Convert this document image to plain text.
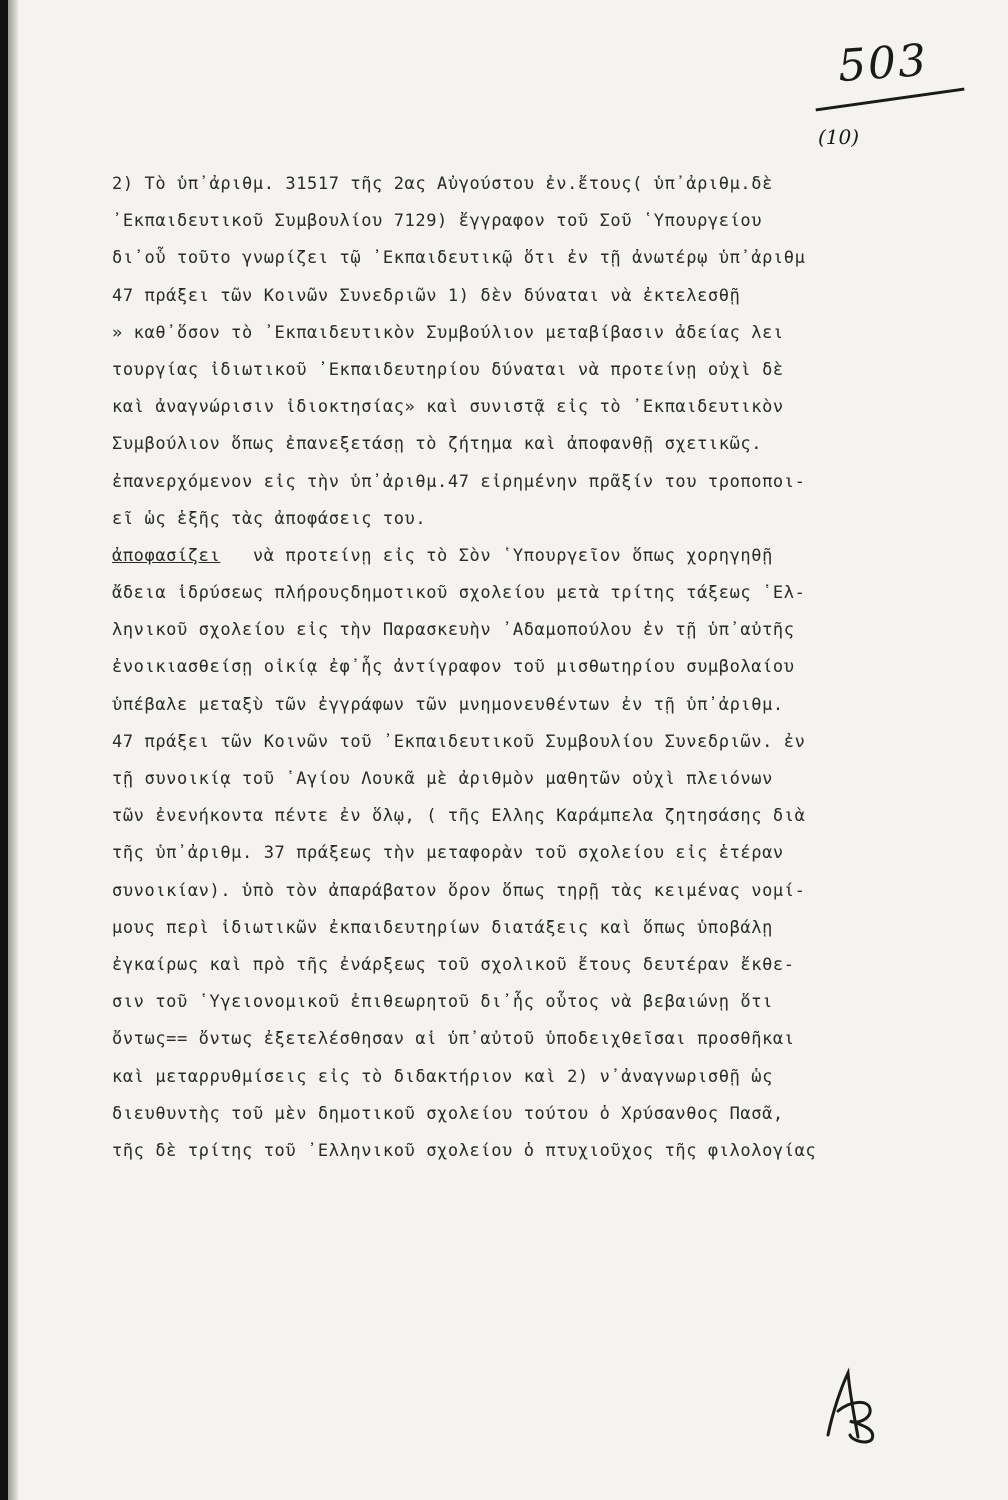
503
(10)
2) Τὸ ὑπ᾿ἀριθμ. 31517 τῆς 2ας Αὐγούστου ἐν.ἔτους( ὑπ᾿ἀριθμ.δὲ
᾿Εκπαιδευτικοῦ Συμβουλίου 7129) ἔγγραφον τοῦ Σοῦ ῾Υπουργείου
δι᾿οὗ τοῦτο γνωρίζει τῷ ᾿Εκπαιδευτικῷ ὅτι ἐν τῇ ἀνωτέρῳ ὑπ᾿ἀριθμ
47 πράξει τῶν Κοινῶν Συνεδριῶν 1) δὲν δύναται νὰ ἐκτελεσθῇ
» καθ᾿ὅσον τὸ ᾿Εκπαιδευτικὸν Συμβούλιον μεταβίβασιν ἀδείας λει
τουργίας ἰδιωτικοῦ ᾿Εκπαιδευτηρίου δύναται νὰ προτείνῃ οὐχὶ δὲ
καὶ ἀναγνώρισιν ἰδιοκτησίας» καὶ συνιστᾷ εἰς τὸ ᾿Εκπαιδευτικὸν
Συμβούλιον ὅπως ἐπανεξετάσῃ τὸ ζήτημα καὶ ἀποφανθῇ σχετικῶς.
ἐπανερχόμενον εἰς τὴν ὑπ᾿ἀριθμ.47 εἰρημένην πρᾶξίν του τροποποι-
εῖ ὡς ἑξῆς τὰς ἀποφάσεις του.
ἀποφασίζει   νὰ προτείνῃ εἰς τὸ Σὸν ῾Υπουργεῖον ὅπως χορηγηθῇ
ἄδεια ἱδρύσεως πλήρουςδημοτικοῦ σχολείου μετὰ τρίτης τάξεως ῾Ελ-
ληνικοῦ σχολείου εἰς τὴν Παρασκευὴν ᾿Αδαμοπούλου ἐν τῇ ὑπ᾿αὐτῆς
ἐνοικιασθείσῃ οἰκίᾳ ἐφ᾿ἧς ἀντίγραφον τοῦ μισθωτηρίου συμβολαίου
ὑπέβαλε μεταξὺ τῶν ἐγγράφων τῶν μνημονευθέντων ἐν τῇ ὑπ᾿ἀριθμ.
47 πράξει τῶν Κοινῶν τοῦ ᾿Εκπαιδευτικοῦ Συμβουλίου Συνεδριῶν. ἐν
τῇ συνοικίᾳ τοῦ ῾Αγίου Λουκᾶ μὲ ἀριθμὸν μαθητῶν οὐχὶ πλειόνων
τῶν ἐνενήκοντα πέντε ἐν ὅλῳ, ( τῆς Ελλης Καράμπελα ζητησάσης διὰ
τῆς ὑπ᾿ἀριθμ. 37 πράξεως τὴν μεταφορὰν τοῦ σχολείου εἰς ἑτέραν
συνοικίαν). ὑπὸ τὸν ἀπαράβατον ὅρον ὅπως τηρῇ τὰς κειμένας νομί-
μους περὶ ἰδιωτικῶν ἐκπαιδευτηρίων διατάξεις καὶ ὅπως ὑποβάλῃ
ἐγκαίρως καὶ πρὸ τῆς ἐνάρξεως τοῦ σχολικοῦ ἔτους δευτέραν ἔκθε-
σιν τοῦ ῾Υγειονομικοῦ ἐπιθεωρητοῦ δι᾿ἧς οὗτος νὰ βεβαιώνῃ ὅτι
ὄντως== ὄντως ἐξετελέσθησαν αἱ ὑπ᾿αὐτοῦ ὑποδειχθεῖσαι προσθῆκαι
καὶ μεταρρυθμίσεις εἰς τὸ διδακτήριον καὶ 2) ν᾿ἀναγνωρισθῇ ὡς
διευθυντὴς τοῦ μὲν δημοτικοῦ σχολείου τούτου ὁ Χρύσανθος Πασᾶ,
τῆς δὲ τρίτης τοῦ ᾿Ελληνικοῦ σχολείου ὁ πτυχιοῦχος τῆς φιλολογίας
